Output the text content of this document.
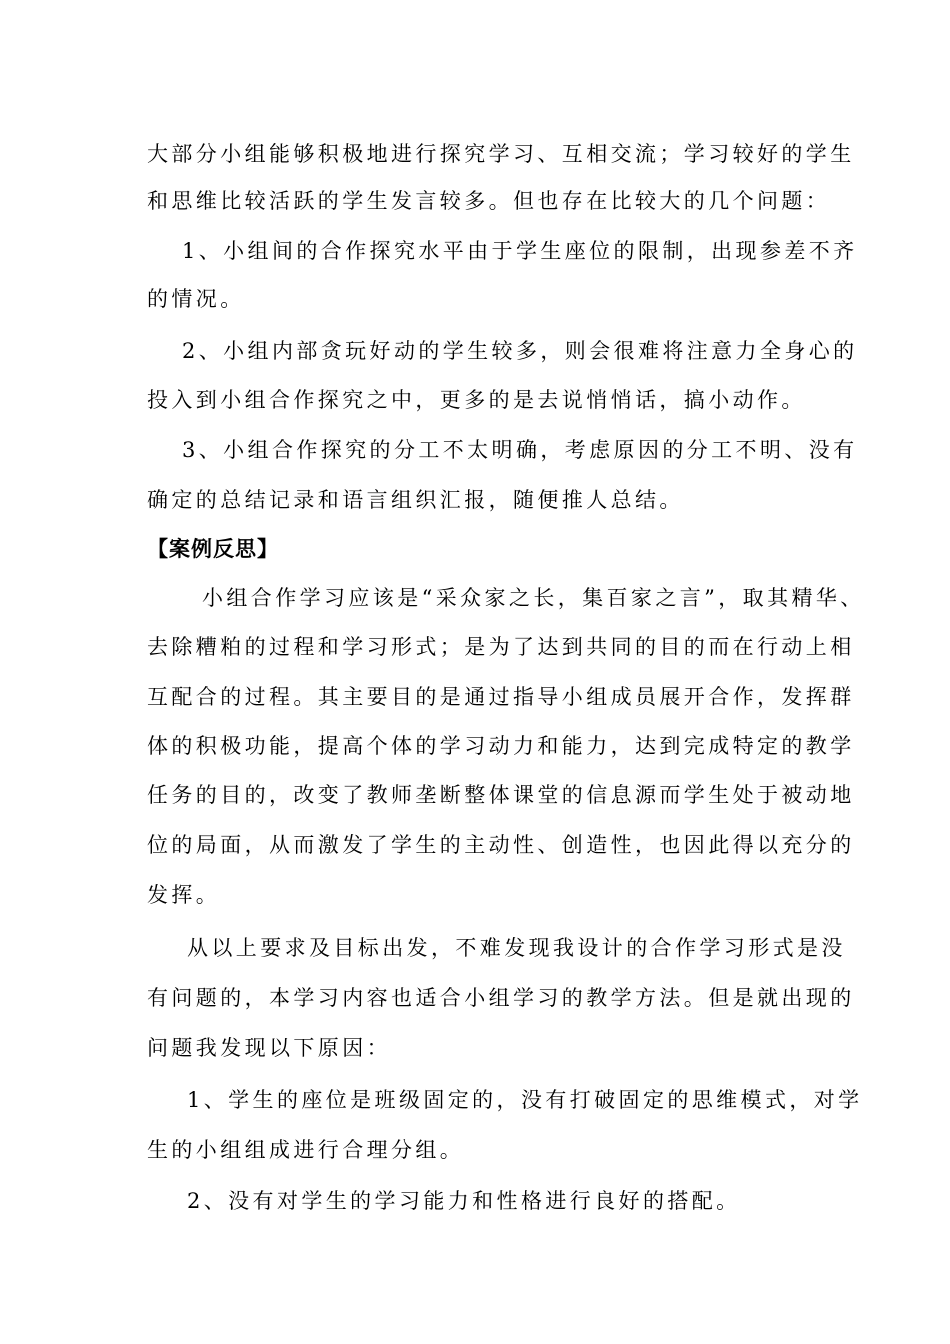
大部分小组能够积极地进行探究学习、互相交流；学习较好的学生
和思维比较活跃的学生发言较多。但也存在比较大的几个问题：
1、小组间的合作探究水平由于学生座位的限制，出现参差不齐
的情况。
2、小组内部贪玩好动的学生较多，则会很难将注意力全身心的
投入到小组合作探究之中，更多的是去说悄悄话，搞小动作。
3、小组合作探究的分工不太明确，考虑原因的分工不明、没有
确定的总结记录和语言组织汇报，随便推人总结。
【案例反思】
小组合作学习应该是“采众家之长，集百家之言”，取其精华、
去除糟粕的过程和学习形式；是为了达到共同的目的而在行动上相
互配合的过程。其主要目的是通过指导小组成员展开合作，发挥群
体的积极功能，提高个体的学习动力和能力，达到完成特定的教学
任务的目的，改变了教师垄断整体课堂的信息源而学生处于被动地
位的局面，从而激发了学生的主动性、创造性，也因此得以充分的
发挥。
从以上要求及目标出发，不难发现我设计的合作学习形式是没
有问题的，本学习内容也适合小组学习的教学方法。但是就出现的
问题我发现以下原因：
1、学生的座位是班级固定的，没有打破固定的思维模式，对学
生的小组组成进行合理分组。
2、没有对学生的学习能力和性格进行良好的搭配。
